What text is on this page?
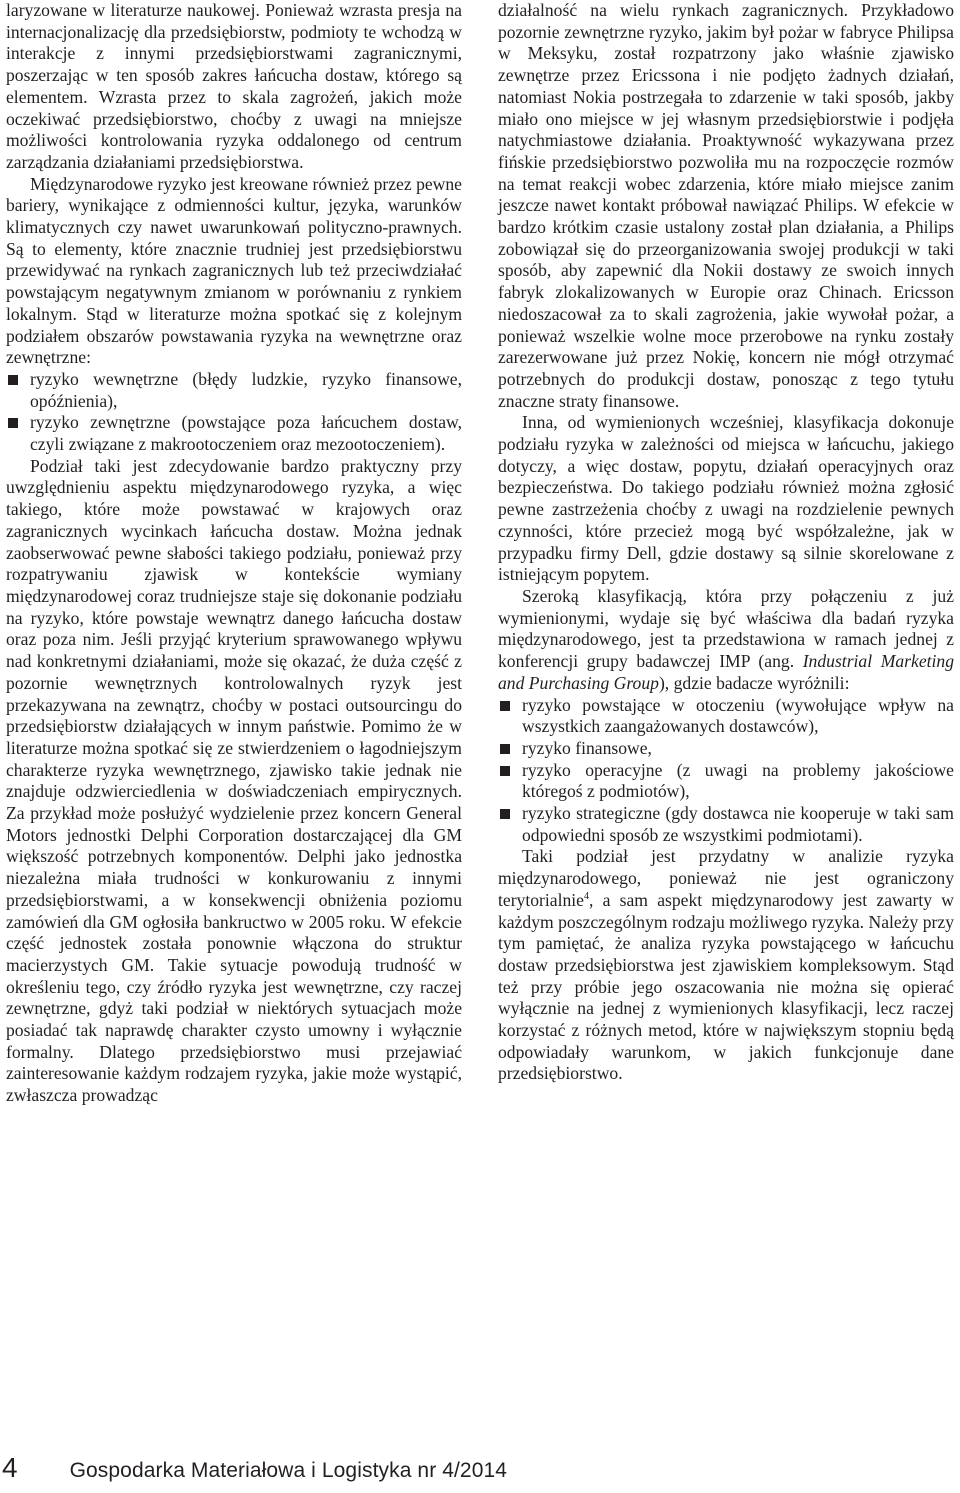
laryzowane w literaturze naukowej. Ponieważ wzrasta presja na internacjonalizację dla przedsiębiorstw, podmioty te wchodzą w interakcje z innymi przedsiębiorstwami zagranicznymi, poszerzając w ten sposób zakres łańcucha dostaw, którego są elementem. Wzrasta przez to skala zagrożeń, jakich może oczekiwać przedsiębiorstwo, choćby z uwagi na mniejsze możliwości kontrolowania ryzyka oddalonego od centrum zarządzania działaniami przedsiębiorstwa.

Międzynarodowe ryzyko jest kreowane również przez pewne bariery, wynikające z odmienności kultur, języka, warunków klimatycznych czy nawet uwarunkowań polityczno-prawnych. Są to elementy, które znacznie trudniej jest przedsiębiorstwu przewidywać na rynkach zagranicznych lub też przeciwdziałać powstającym negatywnym zmianom w porównaniu z rynkiem lokalnym. Stąd w literaturze można spotkać się z kolejnym podziałem obszarów powstawania ryzyka na wewnętrzne oraz zewnętrzne:

ryzyko wewnętrzne (błędy ludzkie, ryzyko finansowe, opóźnienia),
ryzyko zewnętrzne (powstające poza łańcuchem dostaw, czyli związane z makrootoczeniem oraz mezootoczeniem).

Podział taki jest zdecydowanie bardzo praktyczny przy uwzględnieniu aspektu międzynarodowego ryzyka, a więc takiego, które może powstawać w krajowych oraz zagranicznych wycinkach łańcucha dostaw. Można jednak zaobserwować pewne słabości takiego podziału, ponieważ przy rozpatrywaniu zjawisk w kontekście wymiany międzynarodowej coraz trudniejsze staje się dokonanie podziału na ryzyko, które powstaje wewnątrz danego łańcucha dostaw oraz poza nim. Jeśli przyjąć kryterium sprawowanego wpływu nad konkretnymi działaniami, może się okazać, że duża część z pozornie wewnętrznych kontrolowalnych ryzyk jest przekazywana na zewnątrz, choćby w postaci outsourcingu do przedsiębiorstw działających w innym państwie. Pomimo że w literaturze można spotkać się ze stwierdzeniem o łagodniejszym charakterze ryzyka wewnętrznego, zjawisko takie jednak nie znajduje odzwierciedlenia w doświadczeniach empirycznych. Za przykład może posłużyć wydzielenie przez koncern General Motors jednostki Delphi Corporation dostarczającej dla GM większość potrzebnych komponentów. Delphi jako jednostka niezależna miała trudności w konkurowaniu z innymi przedsiębiorstwami, a w konsekwencji obniżenia poziomu zamówień dla GM ogłosiła bankructwo w 2005 roku. W efekcie część jednostek została ponownie włączona do struktur macierzystych GM. Takie sytuacje powodują trudność w określeniu tego, czy źródło ryzyka jest wewnętrzne, czy raczej zewnętrzne, gdyż taki podział w niektórych sytuacjach może posiadać tak naprawdę charakter czysto umowny i wyłącznie formalny. Dlatego przedsiębiorstwo musi przejawiać zainteresowanie każdym rodzajem ryzyka, jakie może wystąpić, zwłaszcza prowadząc

działalność na wielu rynkach zagranicznych. Przykładowo pozornie zewnętrzne ryzyko, jakim był pożar w fabryce Philipsa w Meksyku, został rozpatrzony jako właśnie zjawisko zewnętrze przez Ericssona i nie podjęto żadnych działań, natomiast Nokia postrzegała to zdarzenie w taki sposób, jakby miało ono miejsce w jej własnym przedsiębiorstwie i podjęła natychmiastowe działania. Proaktywność wykazywana przez fińskie przedsiębiorstwo pozwoliła mu na rozpoczęcie rozmów na temat reakcji wobec zdarzenia, które miało miejsce zanim jeszcze nawet kontakt próbował nawiązać Philips. W efekcie w bardzo krótkim czasie ustalony został plan działania, a Philips zobowiązał się do przeorganizowania swojej produkcji w taki sposób, aby zapewnić dla Nokii dostawy ze swoich innych fabryk zlokalizowanych w Europie oraz Chinach. Ericsson niedoszacował za to skali zagrożenia, jakie wywołał pożar, a ponieważ wszelkie wolne moce przerobowe na rynku zostały zarezerwowane już przez Nokię, koncern nie mógł otrzymać potrzebnych do produkcji dostaw, ponosząc z tego tytułu znaczne straty finansowe.

Inna, od wymienionych wcześniej, klasyfikacja dokonuje podziału ryzyka w zależności od miejsca w łańcuchu, jakiego dotyczy, a więc dostaw, popytu, działań operacyjnych oraz bezpieczeństwa. Do takiego podziału również można zgłosić pewne zastrzeżenia choćby z uwagi na rozdzielenie pewnych czynności, które przecież mogą być współzależne, jak w przypadku firmy Dell, gdzie dostawy są silnie skorelowane z istniejącym popytem.

Szeroką klasyfikacją, która przy połączeniu z już wymienionymi, wydaje się być właściwa dla badań ryzyka międzynarodowego, jest ta przedstawiona w ramach jednej z konferencji grupy badawczej IMP (ang. Industrial Marketing and Purchasing Group), gdzie badacze wyróżnili:

ryzyko powstające w otoczeniu (wywołujące wpływ na wszystkich zaangażowanych dostawców),
ryzyko finansowe,
ryzyko operacyjne (z uwagi na problemy jakościowe któregoś z podmiotów),
ryzyko strategiczne (gdy dostawca nie kooperuje w taki sam odpowiedni sposób ze wszystkimi podmiotami).

Taki podział jest przydatny w analizie ryzyka międzynarodowego, ponieważ nie jest ograniczony terytorialnie$^4$, a sam aspekt międzynarodowy jest zawarty w każdym poszczególnym rodzaju możliwego ryzyka. Należy przy tym pamiętać, że analiza ryzyka powstającego w łańcuchu dostaw przedsiębiorstwa jest zjawiskiem kompleksowym. Stąd też przy próbie jego oszacowania nie można się opierać wyłącznie na jednej z wymienionych klasyfikacji, lecz raczej korzystać z różnych metod, które w największym stopniu będą odpowiadały warunkom, w jakich funkcjonuje dane przedsiębiorstwo.

4 Gospodarka Materiałowa i Logistyka nr 4/2014
